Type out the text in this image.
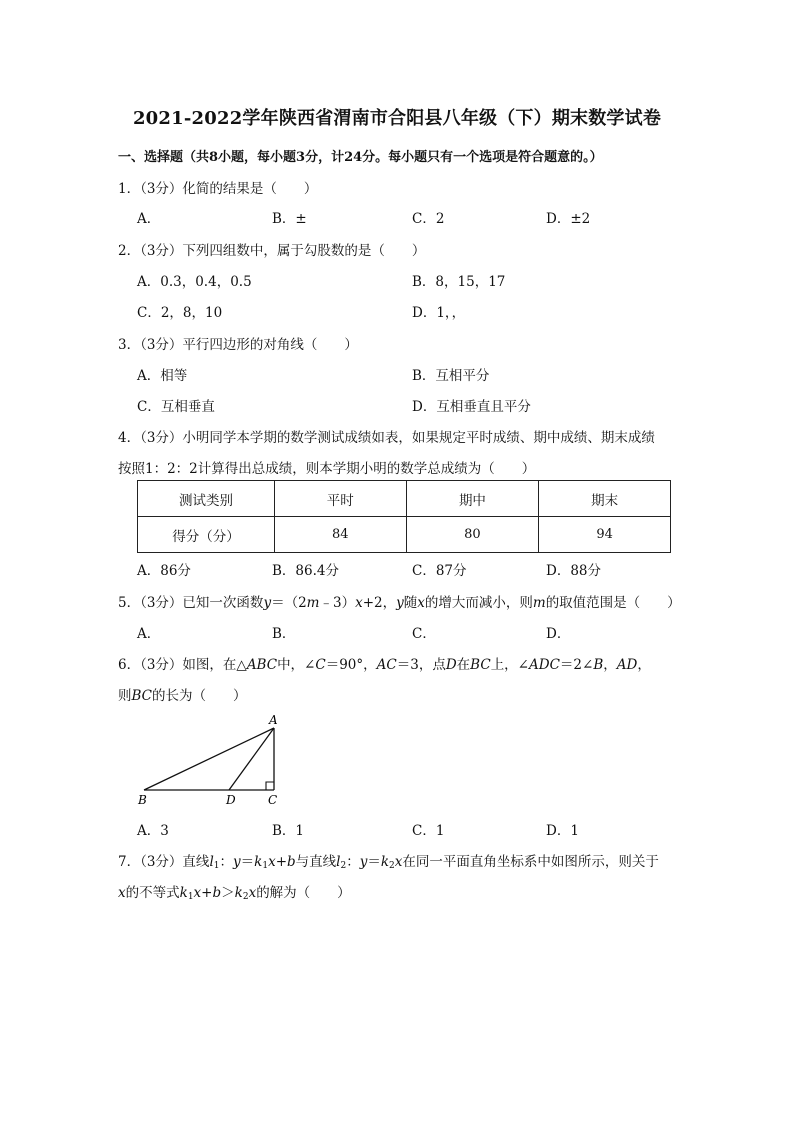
2021-2022学年陕西省渭南市合阳县八年级（下）期末数学试卷
一、选择题（共8小题，每小题3分，计24分。每小题只有一个选项是符合题意的。）
1．（3分）化简的结果是（　　）
A．	B．±	C．2	D．±2
2．（3分）下列四组数中，属于勾股数的是（　　）
A．0.3，0.4，0.5	B．8，15，17
C．2，8，10	D．1，，
3．（3分）平行四边形的对角线（　　）
A．相等	B．互相平分
C．互相垂直	D．互相垂直且平分
4．（3分）小明同学本学期的数学测试成绩如表，如果规定平时成绩、期中成绩、期末成绩
按照1：2：2计算得出总成绩，则本学期小明的数学总成绩为（　　）
测试类别	平时	期中	期末
得分（分）	84	80	94
A．86分	B．86.4分	C．87分	D．88分
5．（3分）已知一次函数y＝（2m﹣3）x+2，y随x的增大而减小，则m的取值范围是（　　）
A．	B．	C．	D．
6．（3分）如图，在△ABC中，∠C＝90°，AC＝3，点D在BC上，∠ADC＝2∠B，AD，
则BC的长为（　　）
A
B	D	C
A．3	B．1	C．1	D．1
7．（3分）直线$l_1$：$y=k_1x+b$与直线$l_2$：$y=k_2x$在同一平面直角坐标系中如图所示，则关于
x的不等式$k_1x+b>k_2x$的解为（　　）
